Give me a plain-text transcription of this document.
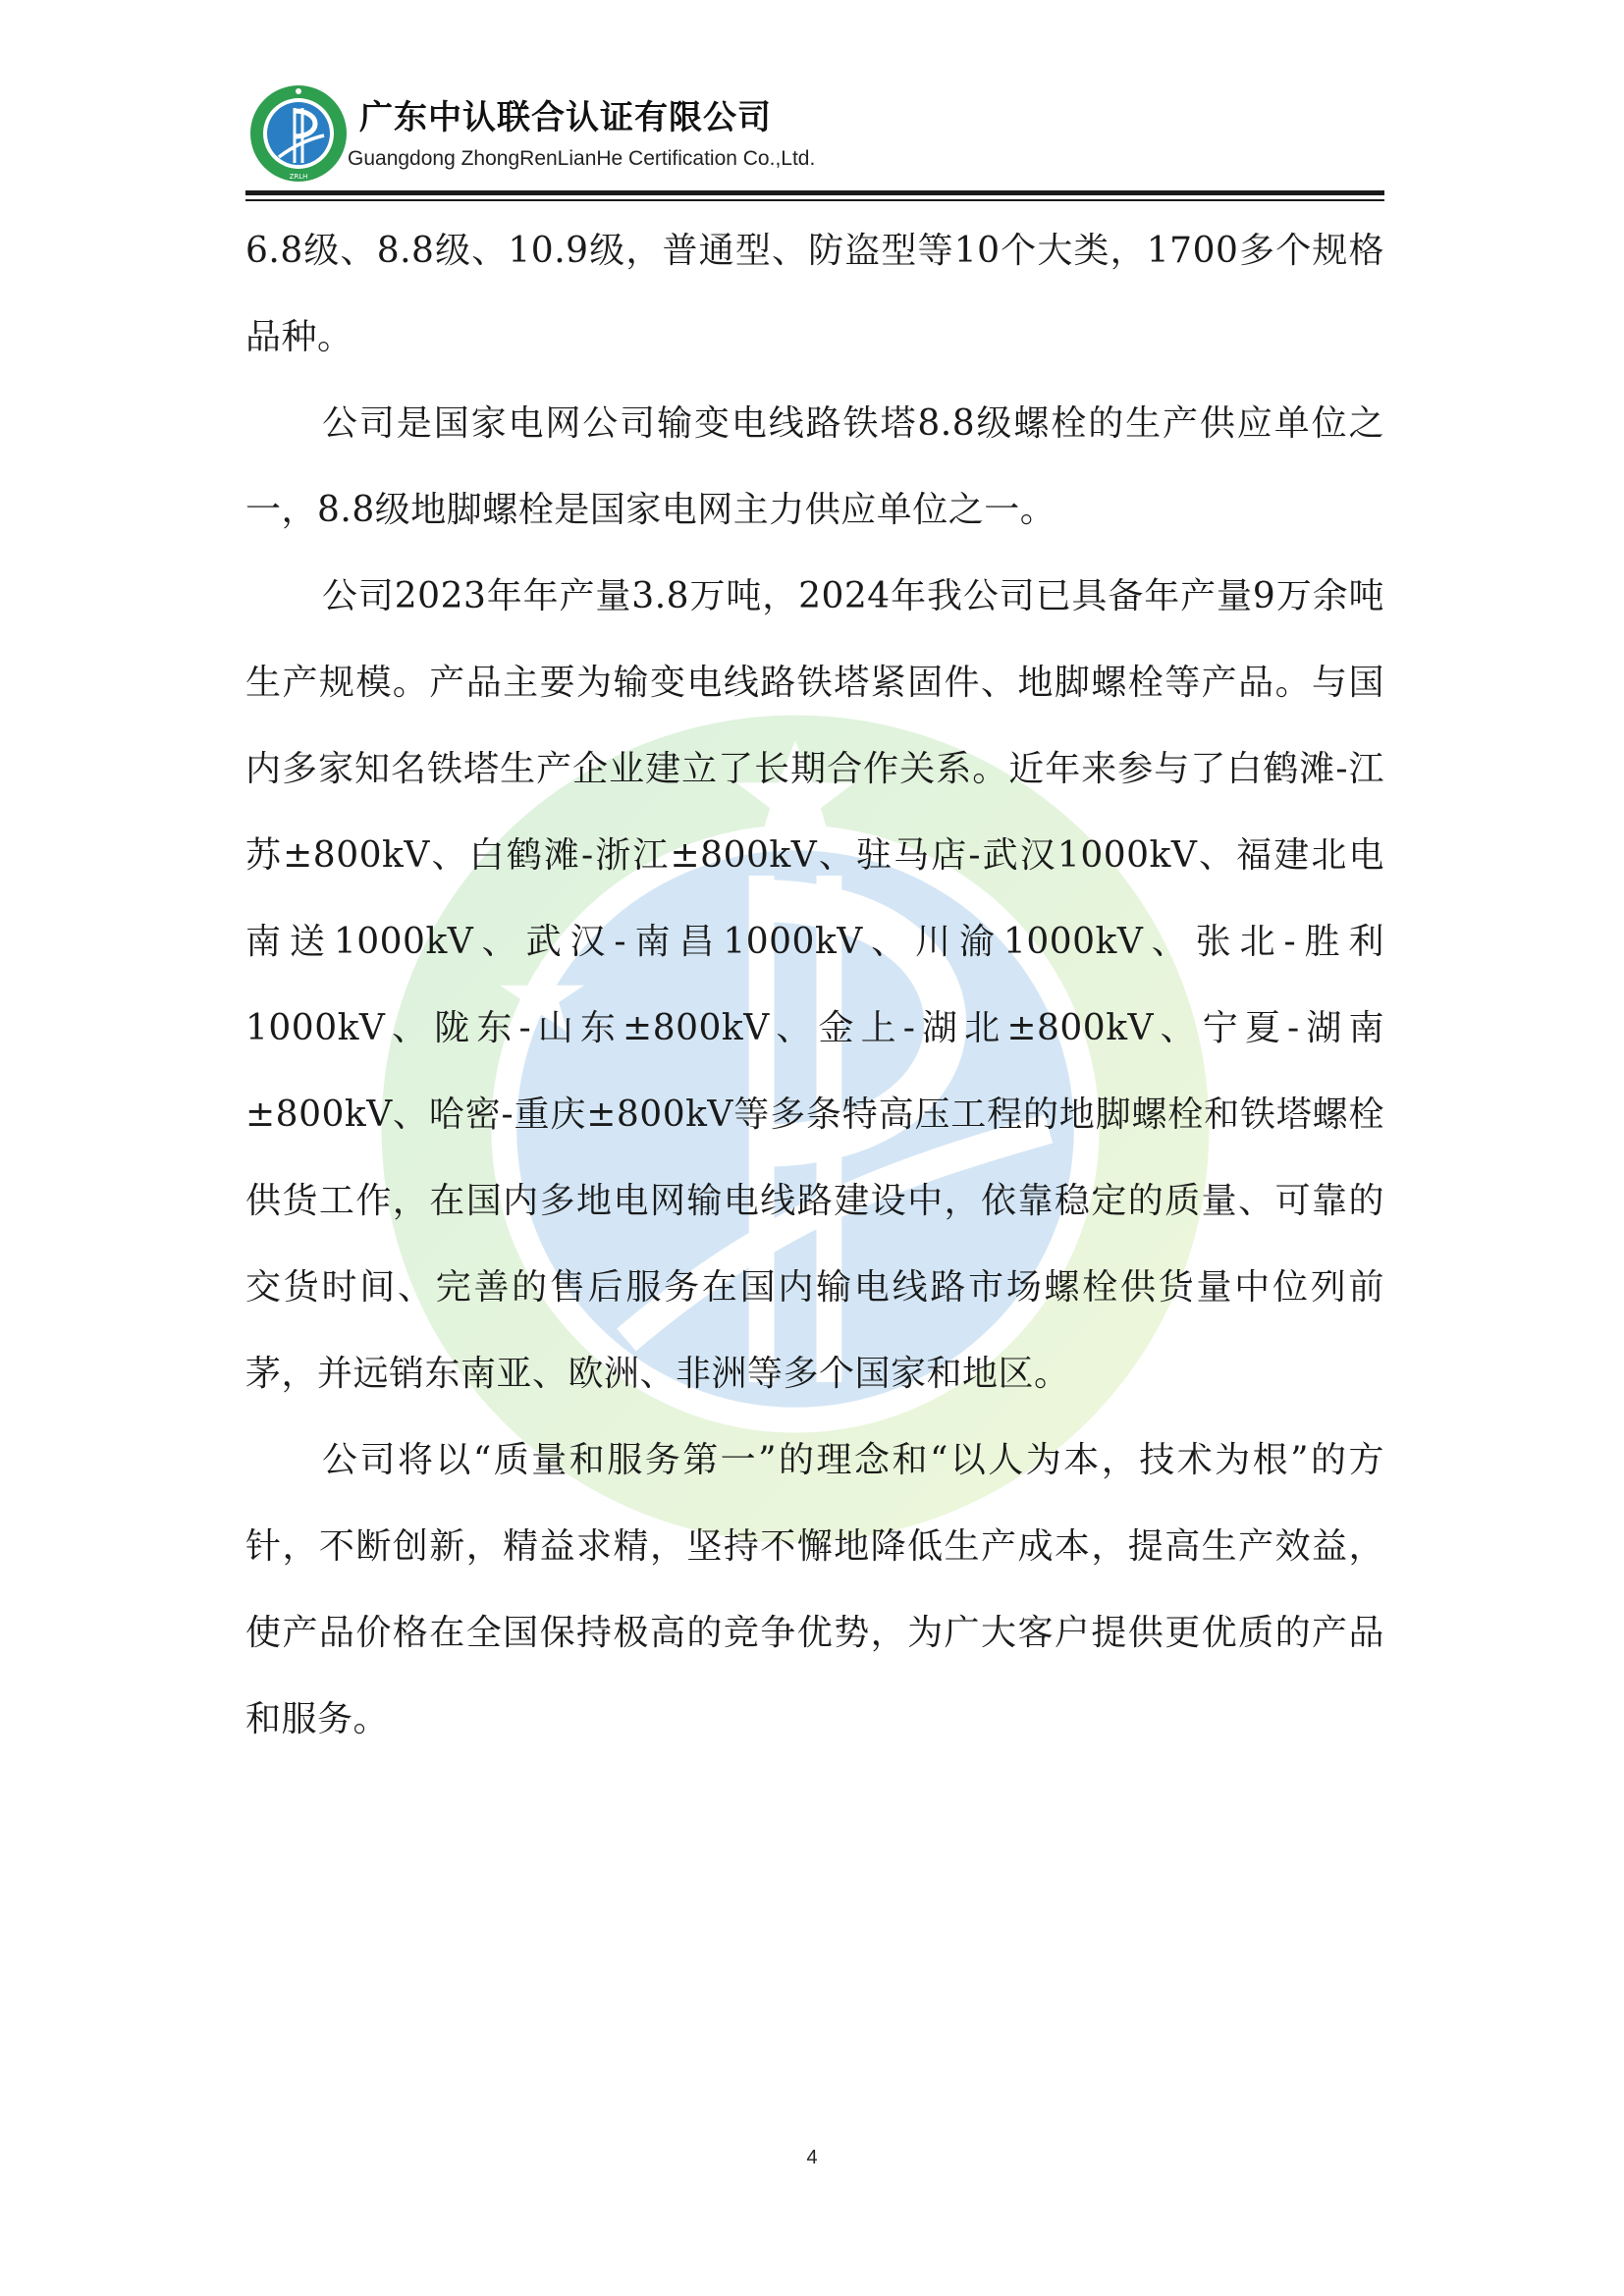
ZRLH
广东中认联合认证有限公司
Guangdong ZhongRenLianHe Certification Co.,Ltd.

6.8级、8.8级、10.9级，普通型、防盗型等10个大类，1700多个规格品种。

公司是国家电网公司输变电线路铁塔8.8级螺栓的生产供应单位之一，8.8级地脚螺栓是国家电网主力供应单位之一。

公司2023年年产量3.8万吨，2024年我公司已具备年产量9万余吨生产规模。产品主要为输变电线路铁塔紧固件、地脚螺栓等产品。与国内多家知名铁塔生产企业建立了长期合作关系。近年来参与了白鹤滩-江苏±800kV、白鹤滩-浙江±800kV、驻马店-武汉1000kV、福建北电南送1000kV、武汉-南昌1000kV、川渝1000kV、张北-胜利1000kV、陇东-山东±800kV、金上-湖北±800kV、宁夏-湖南±800kV、哈密-重庆±800kV等多条特高压工程的地脚螺栓和铁塔螺栓供货工作，在国内多地电网输电线路建设中，依靠稳定的质量、可靠的交货时间、完善的售后服务在国内输电线路市场螺栓供货量中位列前茅，并远销东南亚、欧洲、非洲等多个国家和地区。

公司将以“质量和服务第一”的理念和“以人为本，技术为根”的方针，不断创新，精益求精，坚持不懈地降低生产成本，提高生产效益，使产品价格在全国保持极高的竞争优势，为广大客户提供更优质的产品和服务。

4
